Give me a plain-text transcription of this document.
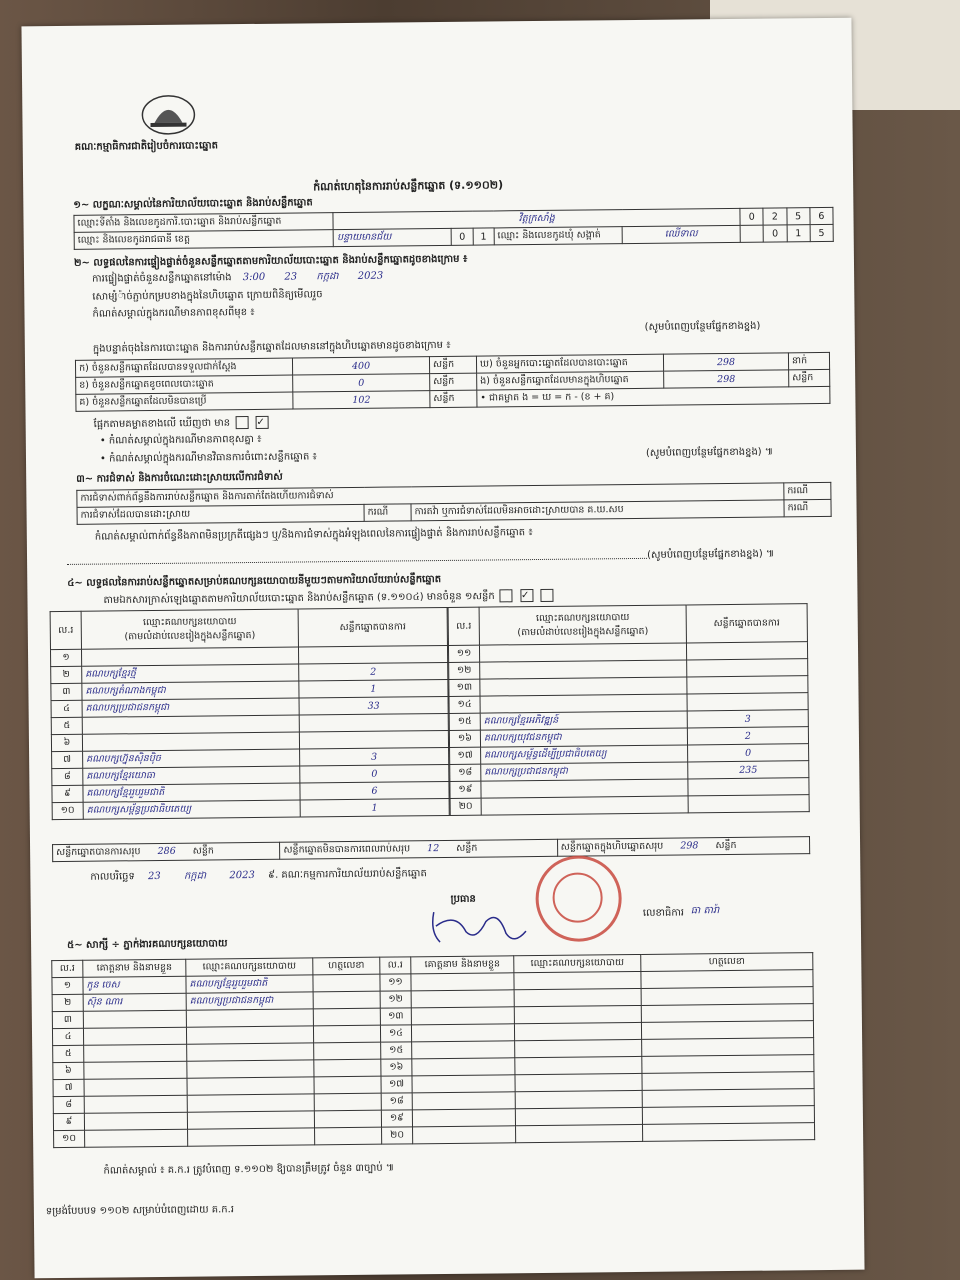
គណៈកម្មាធិការជាតិរៀបចំការបោះឆ្នោត
កំណត់ហេតុនៃការរាប់សន្លឹកឆ្នោត (ទ.១១០២)
១~ លក្ខណៈសម្គាល់នៃការិយាល័យបោះឆ្នោត និងរាប់សន្លឹកឆ្នោត
ឈ្មោះទីតាំង និងលេខកូដការិ.បោះឆ្នោត និងរាប់សន្លឹកឆ្នោត	វិត្តក្រសាំង្គ					0	2	5	6
ឈ្មោះ និងលេខកូដរាជធានី ខេត្ត	បន្ទាយមានជ័យ	0	1	ឈ្មោះ និងលេខកូដឃុំ សង្កាត់	ឈើទាល		0	1	5
២~ លទ្ធផលនៃការផ្ទៀងផ្ទាត់ចំនួនសន្លឹកឆ្នោតតាមការិយាល័យបោះឆ្នោត និងរាប់សន្លឹកឆ្នោតដូចខាងក្រោម ៖
ការផ្ទៀងផ្ទាត់ចំនួនសន្លឹកឆ្នោតនៅម៉ោង 3:00 23 កក្កដា 2023
សោម្សំ៉ាច់ភ្ជាប់កម្របខាងក្នុងនៃហិបឆ្នោត ក្រោយពិនិត្យមើលរួច
កំណត់សម្គាល់ក្នុងករណីមានភាពខុសពីមុខ ៖
(សូមបំពេញបន្ថែមផ្នែកខាងខ្នង)
ក្នុងបន្ទាត់ចុងនៃការបោះឆ្នោត និងការរាប់សន្លឹកឆ្នោតដែលមាននៅក្នុងហិបឆ្នោតមានដូចខាងក្រោម ៖
ក) ចំនួនសន្លឹកឆ្នោតដែលបានទទួលជាក់ស្តែង	400	សន្លឹក	ឃ) ចំនួនអ្នកបោះឆ្នោតដែលបានបោះឆ្នោត	298	នាក់
ខ) ចំនួនសន្លឹកឆ្នោតខូចពេលបោះឆ្នោត	0	សន្លឹក	ង) ចំនួនសន្លឹកឆ្នោតដែលមានក្នុងហិបឆ្នោត	298	សន្លឹក
គ) ចំនួនសន្លឹកឆ្នោតដែលមិនបានប្រើ	102	សន្លឹក	• ជាគម្លាត ង = ឃ = ក - (ខ + គ)		
ផ្អែកតាមគម្លាតខាងលើ ឃើញថា មាន	✓
• កំណត់សម្គាល់ក្នុងករណីមានភាពខុសគ្នា ៖
• កំណត់សម្គាល់ក្នុងករណីមានវិធានការចំពោះសន្លឹកឆ្នោត ៖	(សូមបំពេញបន្ថែមផ្នែកខាងខ្នង) ៕
៣~ ការជំទាស់ និងការចំណេះដោះស្រាយលើការជំទាស់
ការជំទាស់ពាក់ព័ន្ធនឹងការរាប់សន្លឹកឆ្នោត និងការតាក់តែងហើយការជំទាស់			ករណី
ការជំទាស់ដែលបានដោះស្រាយ	ករណី	ការតវ៉ា ឬការជំទាស់ដែលមិនអាចដោះស្រាយបាន គ.ឃ.សប	ករណី
កំណត់សម្គាល់ពាក់ព័ន្ធនឹងភាពមិនប្រក្រតីផ្សេងៗ ឬ/និងការជំទាស់ក្នុងអំឡុងពេលនៃការផ្ទៀងផ្ទាត់ និងការរាប់សន្លឹកឆ្នោត ៖
(សូមបំពេញបន្ថែមផ្នែកខាងខ្នង) ៕
៤~ លទ្ធផលនៃការរាប់សន្លឹកឆ្នោតសម្រាប់គណបក្សនយោបាយនីមួយៗតាមការិយាល័យរាប់សន្លឹកឆ្នោត
តាមឯកសារក្រាស់ឡេងឆ្នោតតាមការិយាល័យបោះឆ្នោត និងរាប់សន្លឹកឆ្នោត (ទ.១១០៤) មានចំនួន ១សន្លឹក	✓
ល.រ	ឈ្មោះគណបក្សនយោបាយ
(តាមលំដាប់លេខរៀងក្នុងសន្លឹកឆ្នោត)	សន្លឹកឆ្នោតបានការ
១		
២	គណបក្សខ្មែរថ្មី	2
៣	គណបក្សតំណាងកម្ពុជា	1
៤	គណបក្សប្រជាជនកម្ពុជា	33
៥		
៦		
៧	គណបក្សហ្វ៊ុនស៊ិនប៉ិច	3
៨	គណបក្សខ្មែរយោធា	0
៩	គណបក្សខ្មែររួបរួមជាតិ	6
១០	គណបក្សសម្ព័ន្ធប្រជាធិបតេយ្យ	1
ល.រ	ឈ្មោះគណបក្សនយោបាយ
(តាមលំដាប់លេខរៀងក្នុងសន្លឹកឆ្នោត)	សន្លឹកឆ្នោតបានការ
១១		
១២		
១៣		
១៤		
១៥	គណបក្សខ្មែរអភិវឌ្ឍន៍	3
១៦	គណបក្សយុវជនកម្ពុជា	2
១៧	គណបក្សសម្ព័ន្ធដើម្បីប្រជាធិបតេយ្យ	0
១៨	គណបក្សប្រជាជនកម្ពុជា	235
១៩		
២០		
សន្លឹកឆ្នោតបានការសរុប 286 សន្លឹក	សន្លឹកឆ្នោតមិនបានការពេលរាប់សរុប 12 សន្លឹក	សន្លឹកឆ្នោតក្នុងហិបឆ្នោតសរុប 298 សន្លឹក
កាលបរិច្ឆេទ 23 កក្កដា 2023 ៩. គណៈកម្មការការិយាល័យរាប់សន្លឹកឆ្នោត
ប្រធាន
លេខាធិការ ធា តារ៉ា
៥~ សាក្សី ÷ ភ្នាក់ងារគណបក្សនយោបាយ
ល.រ	គោត្តនាម និងនាមខ្លួន	ឈ្មោះគណបក្សនយោបាយ	ហត្ថលេខា	ល.រ	គោត្តនាម និងនាមខ្លួន	ឈ្មោះគណបក្សនយោបាយ	ហត្ថលេខា
១	កូន ចេស	គណបក្សខ្មែររួបរួមជាតិ		១១			
២	ស៊ុន ណារ	គណបក្សប្រជាជនកម្ពុជា		១២			
៣				១៣			
៤				១៤			
៥				១៥			
៦				១៦			
៧				១៧			
៨				១៨			
៩				១៩			
១០				២០			
កំណត់សម្គាល់ ៖ គ.ក.រ ត្រូវបំពេញ ទ.១១០២ ឱ្យបានត្រឹមត្រូវ ចំនួន ៣ច្បាប់ ៕
ទម្រង់បែបបទ ១១០២ សម្រាប់បំពេញដោយ គ.ក.រ
